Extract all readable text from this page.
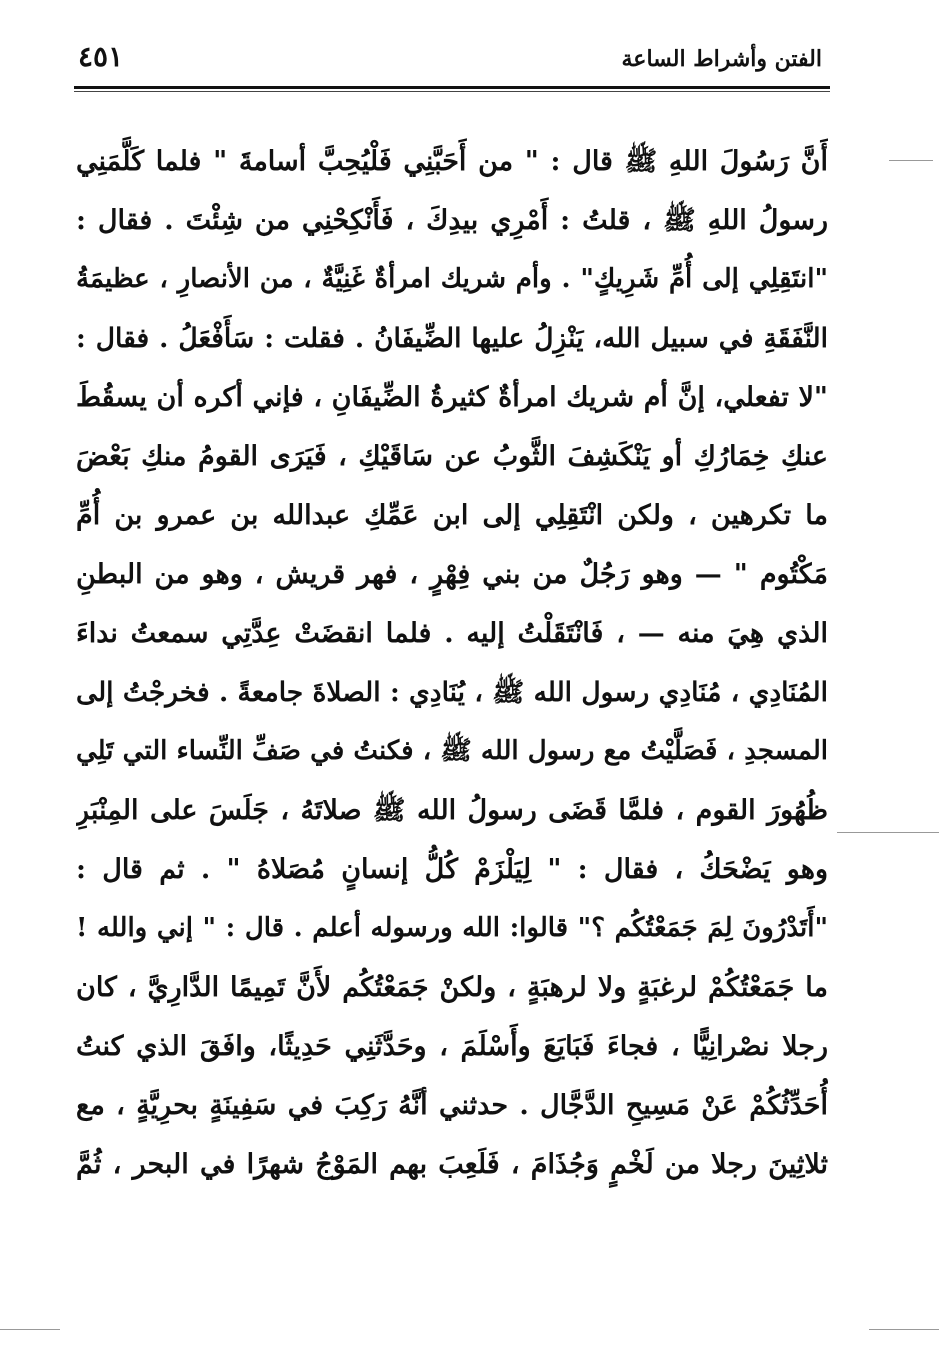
٤٥١	الفتن وأشراط الساعة
أَنَّ رَسُولَ اللهِ ﷺ قال : " من أَحَبَّنِي فَلْيُحِبَّ أسامةَ " فلما كَلَّمَنِي
رسولُ اللهِ ﷺ ، قلتُ : أَمْرِي بيدِكَ ، فَأَنْكِحْنِي من شِئْتَ . فقال :
"انتَقِلِي إلى أُمِّ شَرِيكٍ" . وأم شريك امرأةٌ غَنِيَّةٌ ، من الأنصارِ ، عظيمَةُ
النَّفَقَةِ في سبيل الله، يَنْزِلُ عليها الضِّيفَانُ . فقلت : سَأَفْعَلُ . فقال :
"لا تفعلي، إنَّ أم شريك امرأةٌ كثيرةُ الضِّيفَانِ ، فإني أكره أن يسقُطَ
عنكِ خِمَارُكِ أو يَنْكَشِفَ الثَّوبُ عن سَاقَيْكِ ، فَيَرَى القومُ منكِ بَعْضَ
ما تكرهين ، ولكن انْتَقِلِي إلى ابن عَمِّكِ عبدالله بن عمرو بن أُمِّ
مَكْتُوم " — وهو رَجُلٌ من بني فِهْرٍ ، فهر قريش ، وهو من البطنِ
الذي هِيَ منه — ، فَانْتَقَلْتُ إليه . فلما انقضَتْ عِدَّتِي سمعتُ نداءَ
المُنَادِي ، مُنَادِي رسول الله ﷺ ، يُنَادِي : الصلاةَ جامعةً . فخرجْتُ إلى
المسجدِ ، فَصَلَّيْتُ مع رسول الله ﷺ ، فكنتُ في صَفِّ النِّساء التي تَلِي
ظُهُورَ القوم ، فلمَّا قَضَى رسولُ الله ﷺ صلاتَهُ ، جَلَسَ على المِنْبَرِ
وهو يَضْحَكُ ، فقال : " لِيَلْزَمْ كُلُّ إنسانٍ مُصَلاهُ " . ثم قال :
"أَتَدْرُونَ لِمَ جَمَعْتُكُم ؟" قالوا: الله ورسوله أعلم . قال : " إني والله !
ما جَمَعْتُكُمْ لرغبَةٍ ولا لرهبَةٍ ، ولكنْ جَمَعْتُكُم لأَنَّ تَمِيمًا الدَّارِيَّ ، كان
رجلا نصْرانِيًّا ، فجاءَ فَبَايَعَ وأَسْلَمَ ، وحَدَّثَنِي حَدِيثًا، وافَقَ الذي كنتُ
أُحَدِّثُكُمْ عَنْ مَسِيحِ الدَّجَّال . حدثني أنَّهُ رَكِبَ في سَفِينَةٍ بحرِيَّةٍ ، مع
ثلاثِينَ رجلا من لَخْمٍ وَجُذَامَ ، فَلَعِبَ بهم المَوْجُ شهرًا في البحر ، ثُمَّ
